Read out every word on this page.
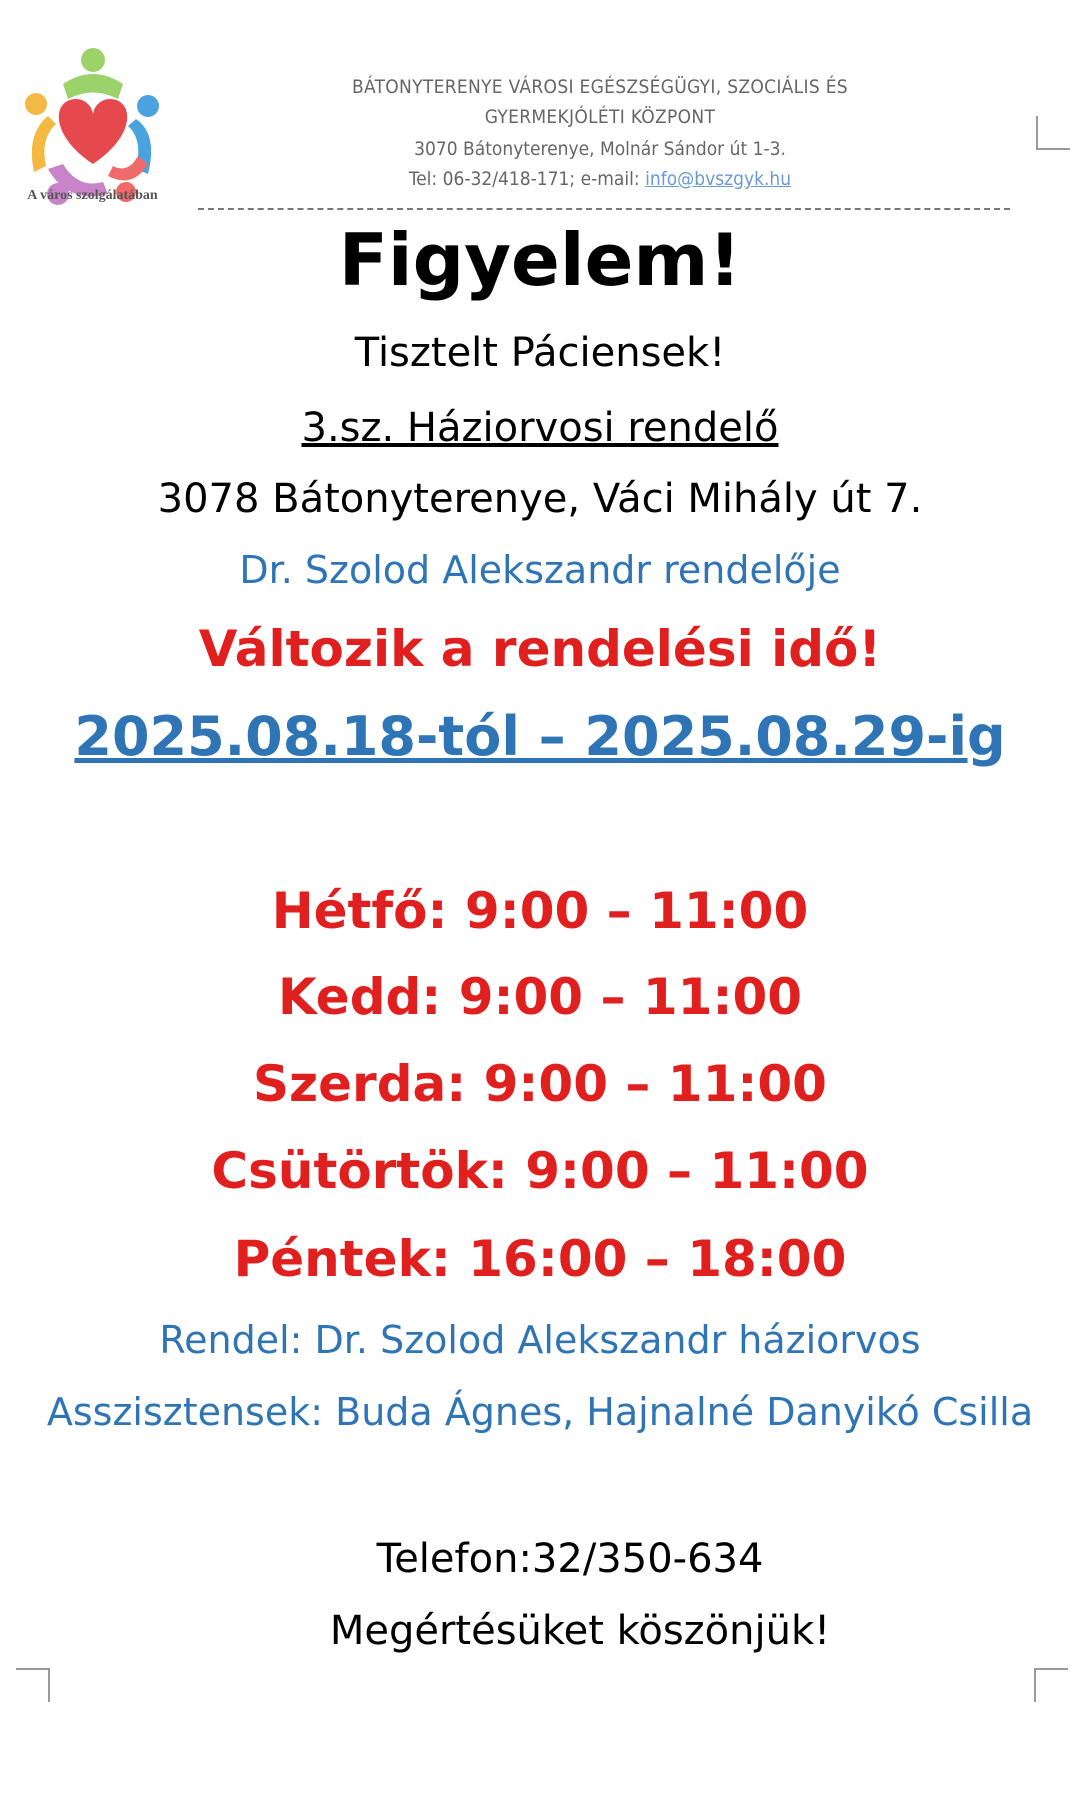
A város szolgálatában
BÁTONYTERENYE VÁROSI EGÉSZSÉGÜGYI, SZOCIÁLIS ÉS GYERMEKJÓLÉTI KÖZPONT
3070 Bátonyterenye, Molnár Sándor út 1-3.
Tel: 06-32/418-171; e-mail: info@bvszgyk.hu
Figyelem!
Tisztelt Páciensek!
3.sz. Háziorvosi rendelő
3078 Bátonyterenye, Váci Mihály út 7.
Dr. Szolod Alekszandr rendelője
Változik a rendelési idő!
2025.08.18-tól – 2025.08.29-ig
Hétfő: 9:00 – 11:00
Kedd: 9:00 – 11:00
Szerda: 9:00 – 11:00
Csütörtök: 9:00 – 11:00
Péntek: 16:00 – 18:00
Rendel: Dr. Szolod Alekszandr háziorvos
Asszisztensek: Buda Ágnes, Hajnalné Danyikó Csilla
Telefon:32/350-634
Megértésüket köszönjük!
